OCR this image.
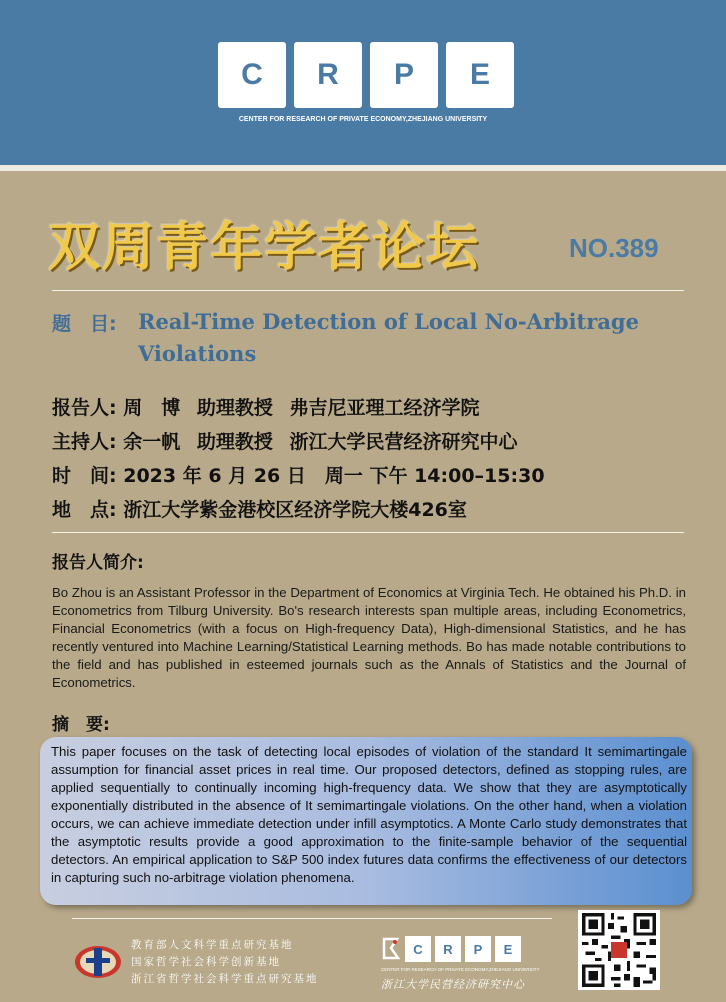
C R P E
CENTER FOR RESEARCH OF PRIVATE ECONOMY,ZHEJIANG UNIVERSITY
双周青年学者论坛	NO.389
题　目: Real-Time Detection of Local No-Arbitrage Violations
报告人: 周　博 助理教授 弗吉尼亚理工经济学院
主持人: 余一帆 助理教授 浙江大学民营经济研究中心
时　间: 2023 年 6 月 26 日　周一 下午 14:00–15:30
地　点: 浙江大学紫金港校区经济学院大楼426室
报告人简介:
Bo Zhou is an Assistant Professor in the Department of Economics at Virginia Tech. He obtained his Ph.D. in Econometrics from Tilburg University. Bo's research interests span multiple areas, including Econometrics, Financial Econometrics (with a focus on High-frequency Data), High-dimensional Statistics, and he has recently ventured into Machine Learning/Statistical Learning methods. Bo has made notable contributions to the field and has published in esteemed journals such as the Annals of Statistics and the Journal of Econometrics.
摘　要:
This paper focuses on the task of detecting local episodes of violation of the standard It semimartingale assumption for financial asset prices in real time. Our proposed detectors, defined as stopping rules, are applied sequentially to continually incoming high-frequency data. We show that they are asymptotically exponentially distributed in the absence of It semimartingale violations. On the other hand, when a violation occurs, we can achieve immediate detection under infill asymptotics. A Monte Carlo study demonstrates that the asymptotic results provide a good approximation to the finite-sample behavior of the sequential detectors. An empirical application to S&P 500 index futures data confirms the effectiveness of our detectors in capturing such no-arbitrage violation phenomena.
教育部人文科学重点研究基地
国家哲学社会科学创新基地
浙江省哲学社会科学重点研究基地
C R P E
CENTER FOR RESEARCH OF PRIVATE ECONOMY,ZHEJIANG UNIVERSITY
浙江大学民营经济研究中心
